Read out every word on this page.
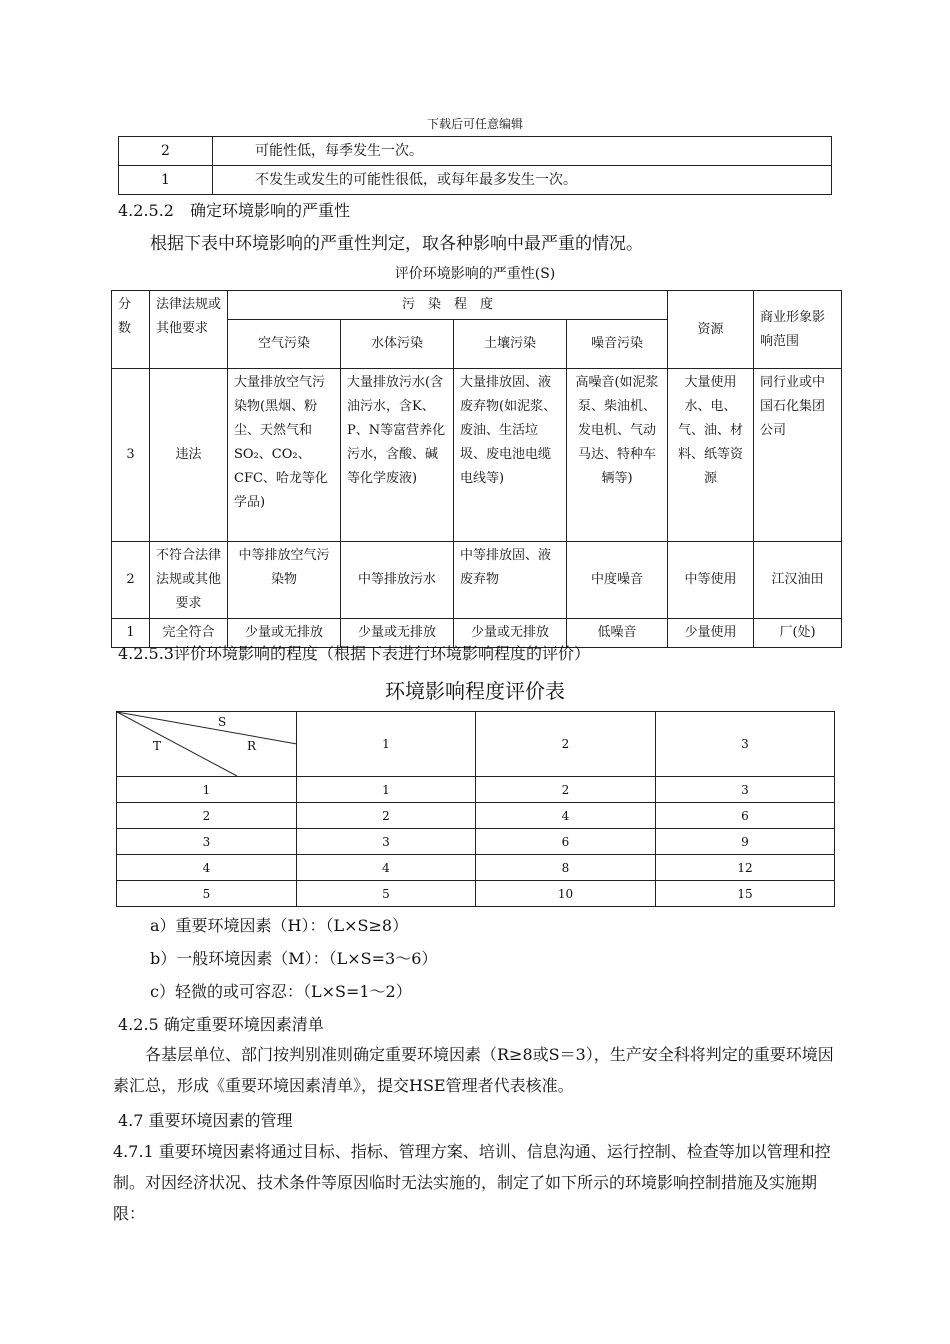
下载后可任意编辑
2	可能性低，每季发生一次。
1	不发生或发生的可能性很低，或每年最多发生一次。
4.2.5.2　确定环境影响的严重性
根据下表中环境影响的严重性判定，取各种影响中最严重的情况。
评价环境影响的严重性(S)
分数	法律法规或其他要求	污　染　程　度				资源	商业形象影响范围
		空气污染	水体污染	土壤污染	噪音污染		
3	违法	大量排放空气污染物(黑烟、粉尘、天然气和SO₂、CO₂、CFC、哈龙等化学品)	大量排放污水(含油污水，含K、P、N等富营养化污水，含酸、碱等化学废液)	大量排放固、液废弃物(如泥浆、废油、生活垃圾、废电池电缆电线等)	高噪音(如泥浆泵、柴油机、发电机、气动马达、特种车辆等)	大量使用水、电、气、油、材料、纸等资源	同行业或中国石化集团公司
2	不符合法律法规或其他要求	中等排放空气污染物	中等排放污水	中等排放固、液废弃物	中度噪音	中等使用	江汉油田
1	完全符合	少量或无排放	少量或无排放	少量或无排放	低噪音	少量使用	厂(处)
4.2.5.3评价环境影响的程度（根据下表进行环境影响程度的评价）
环境影响程度评价表
S
T R	1	2	3
1	1	2	3
2	2	4	6
3	3	6	9
4	4	8	12
5	5	10	15
a）重要环境因素（H）：（L×S≥8）
b）一般环境因素（M）：（L×S=3～6）
c）轻微的或可容忍：（L×S=1～2）
4.2.5 确定重要环境因素清单
　　各基层单位、部门按判别准则确定重要环境因素（R≥8或S＝3），生产安全科将判定的重要环境因素汇总，形成《重要环境因素清单》，提交HSE管理者代表核准。
4.7 重要环境因素的管理
4.7.1 重要环境因素将通过目标、指标、管理方案、培训、信息沟通、运行控制、检查等加以管理和控制。对因经济状况、技术条件等原因临时无法实施的，制定了如下所示的环境影响控制措施及实施期限：
